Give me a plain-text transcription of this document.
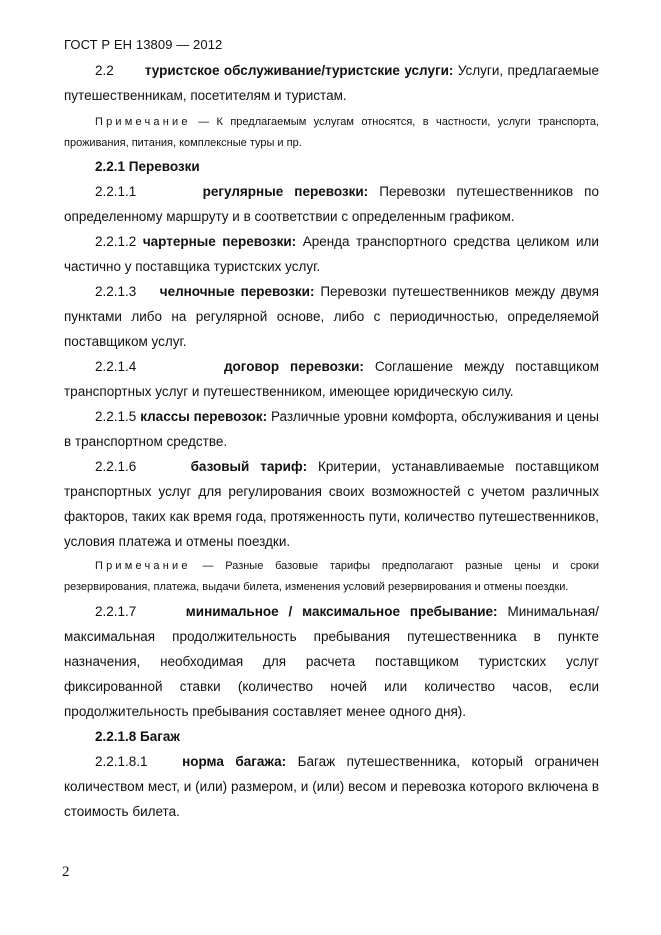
ГОСТ Р ЕН 13809 — 2012

2.2 туристское обслуживание/туристские услуги: Услуги, предлагаемые путешественникам, посетителям и туристам.

Примечание — К предлагаемым услугам относятся, в частности, услуги транспорта, проживания, питания, комплексные туры и пр.

2.2.1 Перевозки

2.2.1.1	регулярные перевозки: Перевозки путешественников по определенному маршруту и в соответствии с определенным графиком.

2.2.1.2 чартерные перевозки: Аренда транспортного средства целиком или частично у поставщика туристских услуг.

2.2.1.3 челночные перевозки: Перевозки путешественников между двумя пунктами либо на регулярной основе, либо с периодичностью, определяемой поставщиком услуг.

2.2.1.4	договор перевозки: Соглашение между поставщиком транспортных услуг и путешественником, имеющее юридическую силу.

2.2.1.5 классы перевозок: Различные уровни комфорта, обслуживания и цены в транспортном средстве.

2.2.1.6	базовый тариф: Критерии, устанавливаемые поставщиком транспортных услуг для регулирования своих возможностей с учетом различных факторов, таких как время года, протяженность пути, количество путешественников, условия платежа и отмены поездки.

Примечание — Разные базовые тарифы предполагают разные цены и сроки резервирования, платежа, выдачи билета, изменения условий резервирования и отмены поездки.

2.2.1.7	минимальное / максимальное пребывание: Минимальная/максимальная продолжительность пребывания путешественника в пункте назначения, необходимая для расчета поставщиком туристских услуг фиксированной ставки (количество ночей или количество часов, если продолжительность пребывания составляет менее одного дня).

2.2.1.8 Багаж

2.2.1.8.1	норма багажа: Багаж путешественника, который ограничен количеством мест, и (или) размером, и (или) весом и перевозка которого включена в стоимость билета.

2
